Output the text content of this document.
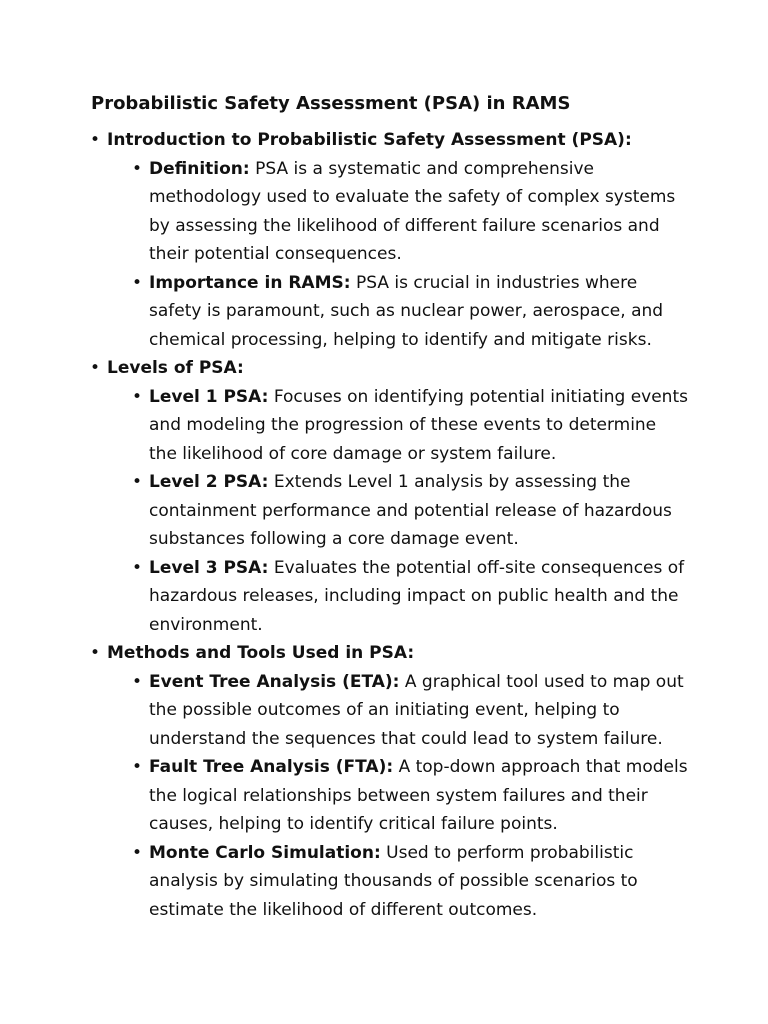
Probabilistic Safety Assessment (PSA) in RAMS
• Introduction to Probabilistic Safety Assessment (PSA):
• Definition: PSA is a systematic and comprehensive methodology used to evaluate the safety of complex systems by assessing the likelihood of different failure scenarios and their potential consequences.
• Importance in RAMS: PSA is crucial in industries where safety is paramount, such as nuclear power, aerospace, and chemical processing, helping to identify and mitigate risks.
• Levels of PSA:
• Level 1 PSA: Focuses on identifying potential initiating events and modeling the progression of these events to determine the likelihood of core damage or system failure.
• Level 2 PSA: Extends Level 1 analysis by assessing the containment performance and potential release of hazardous substances following a core damage event.
• Level 3 PSA: Evaluates the potential off-site consequences of hazardous releases, including impact on public health and the environment.
• Methods and Tools Used in PSA:
• Event Tree Analysis (ETA): A graphical tool used to map out the possible outcomes of an initiating event, helping to understand the sequences that could lead to system failure.
• Fault Tree Analysis (FTA): A top-down approach that models the logical relationships between system failures and their causes, helping to identify critical failure points.
• Monte Carlo Simulation: Used to perform probabilistic analysis by simulating thousands of possible scenarios to estimate the likelihood of different outcomes.
